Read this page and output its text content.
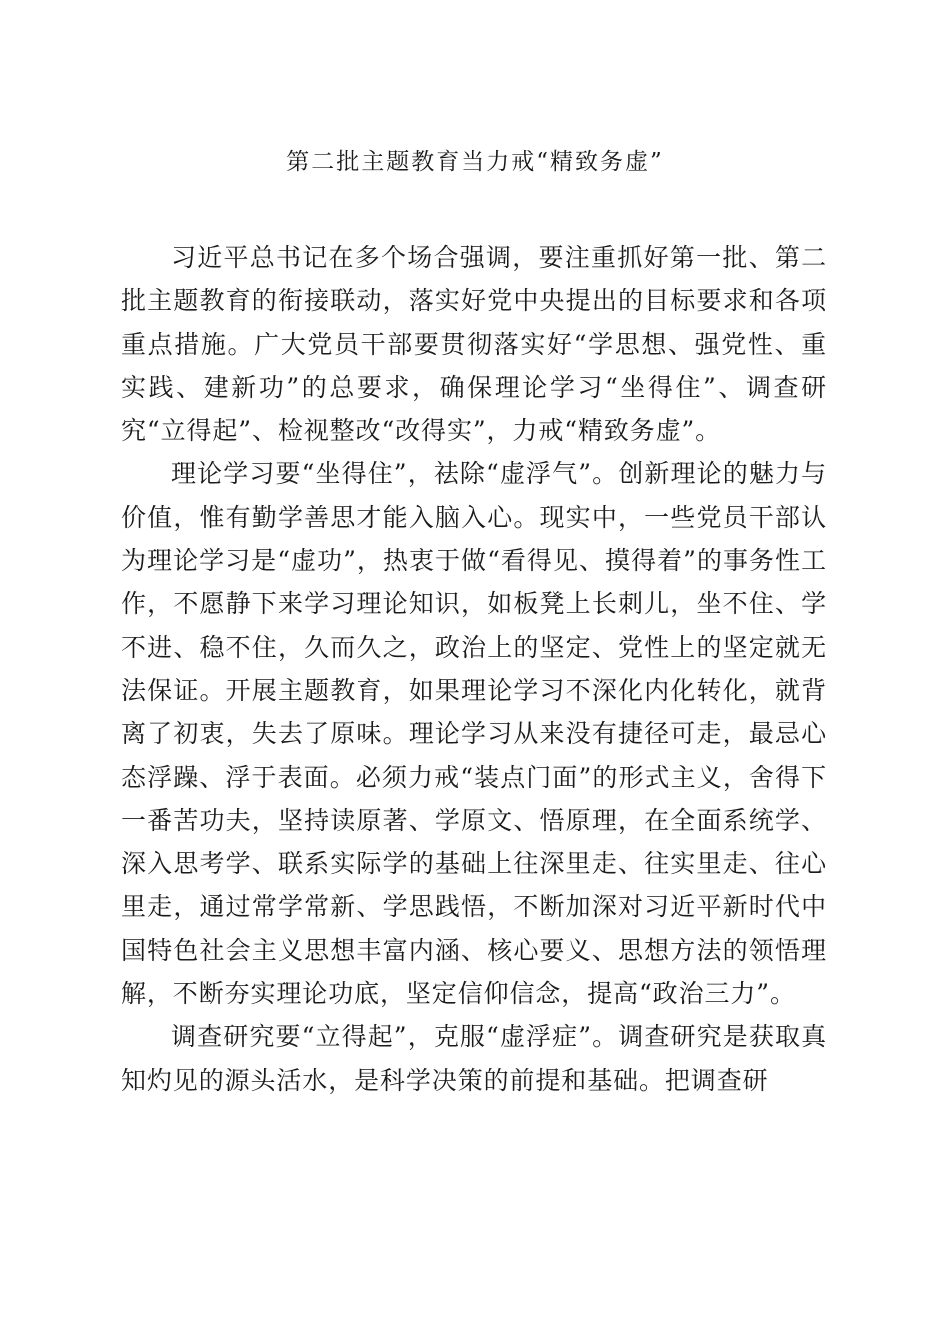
第二批主题教育当力戒“精致务虚”

习近平总书记在多个场合强调，要注重抓好第一批、第二批主题教育的衔接联动，落实好党中央提出的目标要求和各项重点措施。广大党员干部要贯彻落实好“学思想、强党性、重实践、建新功”的总要求，确保理论学习“坐得住”、调查研究“立得起”、检视整改“改得实”，力戒“精致务虚”。

理论学习要“坐得住”，祛除“虚浮气”。创新理论的魅力与价值，惟有勤学善思才能入脑入心。现实中，一些党员干部认为理论学习是“虚功”，热衷于做“看得见、摸得着”的事务性工作，不愿静下来学习理论知识，如板凳上长刺儿，坐不住、学不进、稳不住，久而久之，政治上的坚定、党性上的坚定就无法保证。开展主题教育，如果理论学习不深化内化转化，就背离了初衷，失去了原味。理论学习从来没有捷径可走，最忌心态浮躁、浮于表面。必须力戒“装点门面”的形式主义，舍得下一番苦功夫，坚持读原著、学原文、悟原理，在全面系统学、深入思考学、联系实际学的基础上往深里走、往实里走、往心里走，通过常学常新、学思践悟，不断加深对习近平新时代中国特色社会主义思想丰富内涵、核心要义、思想方法的领悟理解，不断夯实理论功底，坚定信仰信念，提高“政治三力”。

调查研究要“立得起”，克服“虚浮症”。调查研究是获取真知灼见的源头活水，是科学决策的前提和基础。把调查研
